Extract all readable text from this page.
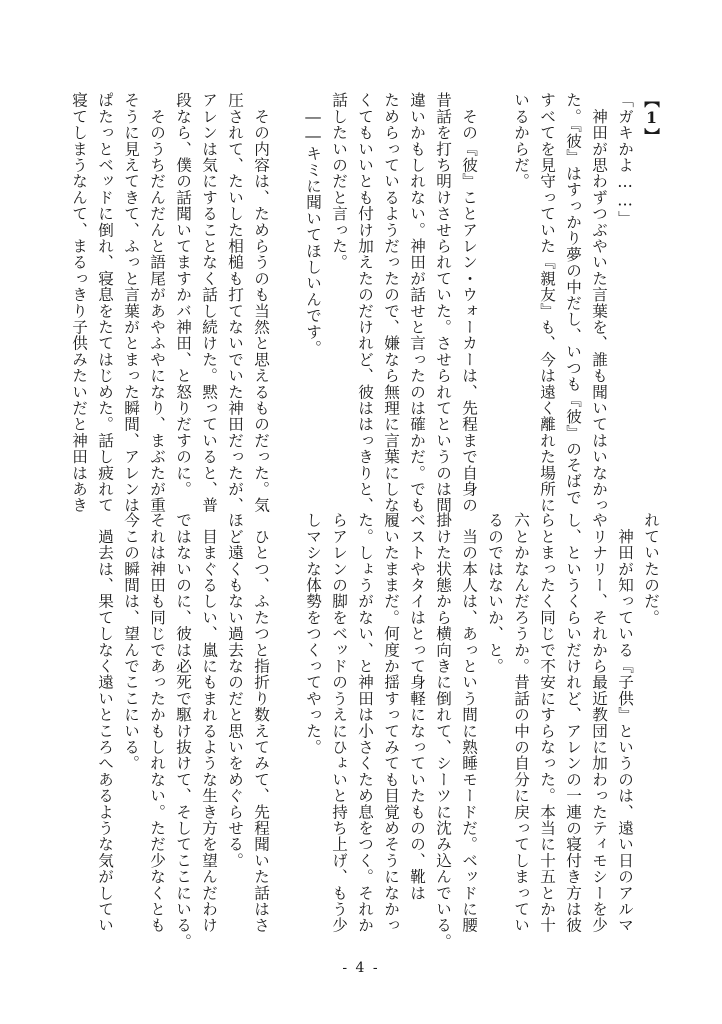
【1】

「ガキかよ……」

　神田が思わずつぶやいた言葉を、誰も聞いてはいなかっ

た。『彼』はすっかり夢の中だし、いつも『彼』のそばで

すべてを見守っていた『親友』も、今は遠く離れた場所に

いるからだ。

　その『彼』ことアレン・ウォーカーは、先程まで自身の

昔話を打ち明けさせられていた。させられてというのは間

違いかもしれない。神田が話せと言ったのは確かだ。でも

ためらっているようだったので、嫌なら無理に言葉にしな

くてもいいとも付け加えたのだけれど、彼ははっきりと、

話したいのだと言った。

　――キミに聞いてほしいんです。

　その内容は、ためらうのも当然と思えるものだった。気

圧されて、たいした相槌も打てないでいた神田だったが、

アレンは気にすることなく話し続けた。黙っていると、普

段なら、僕の話聞いてますかバ神田、と怒りだすのに。

　そのうちだんだんと語尾があやふやになり、まぶたが重

そうに見えてきて、ふっと言葉がとまった瞬間、アレンは

ぱたっとベッドに倒れ、寝息をたてはじめた。話し疲れて

寝てしまうなんて、まるっきり子供みたいだと神田はあき

れていたのだ。

　神田が知っている『子供』というのは、遠い日のアルマ

やリナリー、それから最近教団に加わったティモシーを少

し、というくらいだけれど、アレンの一連の寝付き方は彼

らとまったく同じで不安にすらなった。本当に十五とか十

六とかなんだろうか。昔話の中の自分に戻ってしまってい

るのではないか、と。

　当の本人は、あっという間に熟睡モードだ。ベッドに腰

掛けた状態から横向きに倒れて、シーツに沈み込んでいる。

ベストやタイはとって身軽になっていたものの、靴は

履いたままだ。何度か揺すってみても目覚めそうになかっ

た。しょうがない、と神田は小さくため息をつく。それか

らアレンの脚をベッドのうえにひょいと持ち上げ、もう少

しマシな体勢をつくってやった。

　ひとつ、ふたつと指折り数えてみて、先程聞いた話はさ

ほど遠くもない過去なのだと思いをめぐらせる。

　目まぐるしい、嵐にもまれるような生き方を望んだわけ

ではないのに、彼は必死で駆け抜けて、そしてここにいる。

それは神田も同じであったかもしれない。ただ少なくとも

今この瞬間は、望んでここにいる。

　過去は、果てしなく遠いところへあるような気がしてい

- 4 -
